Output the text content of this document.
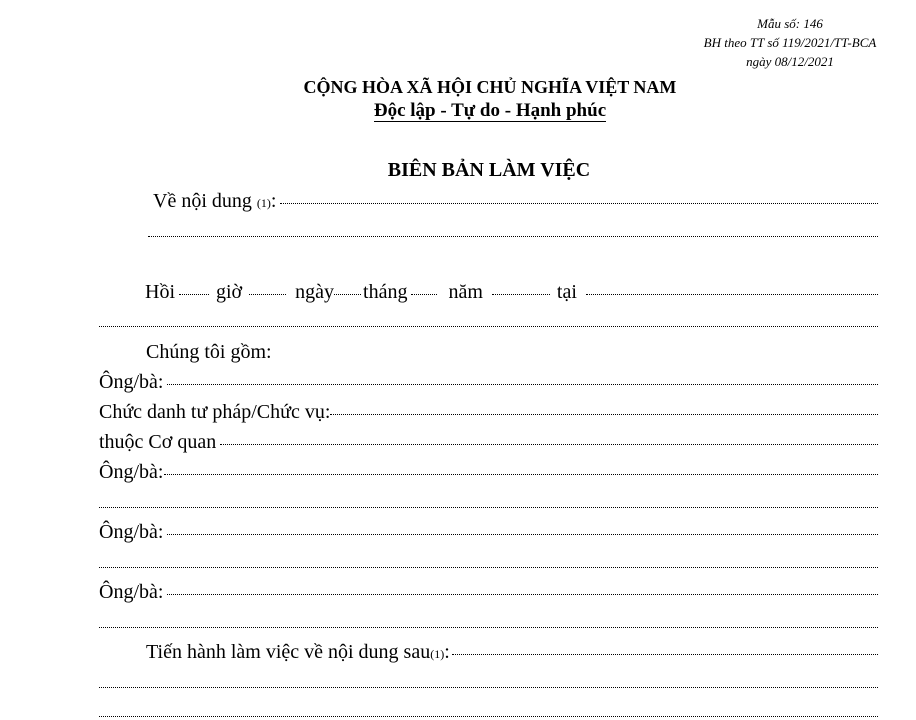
Mẫu số: 146
BH theo TT số 119/2021/TT-BCA
ngày 08/12/2021
CỘNG HÒA XÃ HỘI CHỦ NGHĨA VIỆT NAM
Độc lập - Tự do - Hạnh phúc
BIÊN BẢN LÀM VIỆC
Về nội dung
(1) :
Hồi giờ	ngày tháng năm	tại
Chúng tôi gồm:
Ông/bà:
Chức danh tư pháp/Chức vụ:
thuộc Cơ quan
Ông/bà:
Ông/bà:
Ông/bà:
Tiến hành làm việc về nội dung sau (1) :
